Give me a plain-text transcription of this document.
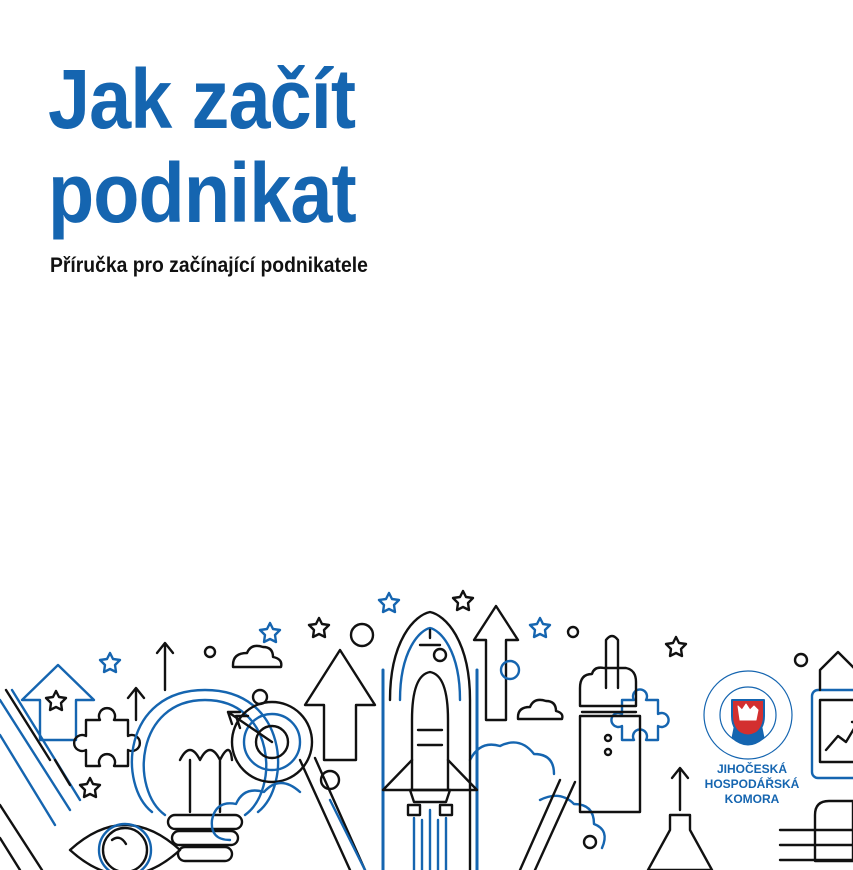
Jak začít
podnikat

Příručka pro začínající podnikatele

JIHOČESKÁ
HOSPODÁŘSKÁ
KOMORA
